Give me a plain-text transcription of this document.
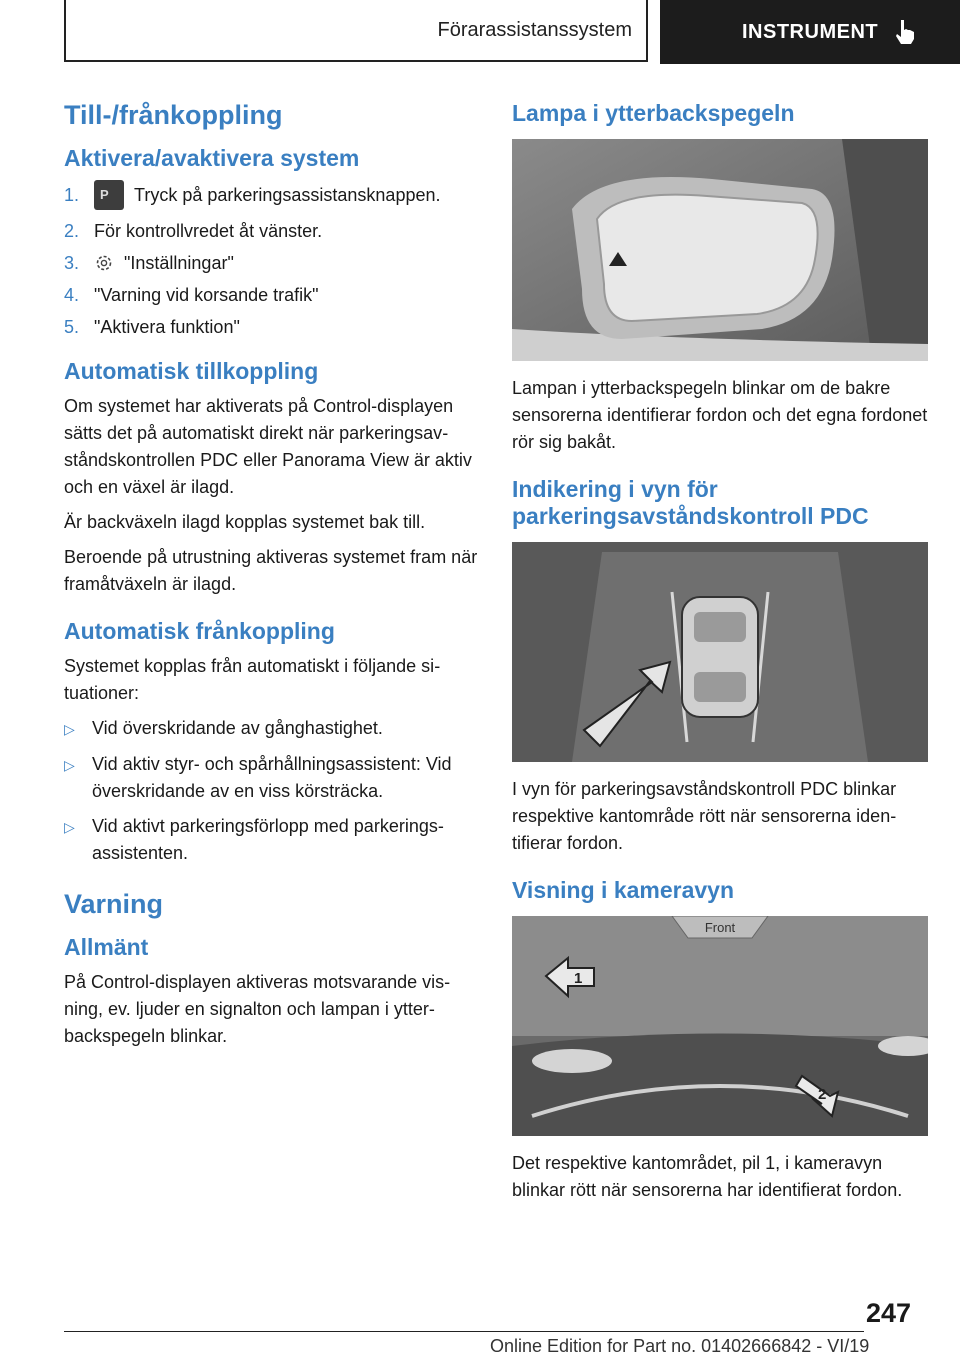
Förarassistanssystem	INSTRUMENT
Till-/frånkoppling
Aktivera/avaktivera system
1.	P Tryck på parkeringsassistansknappen.
2. För kontrollvredet åt vänster.
3.	"Inställningar"
4. "Varning vid korsande trafik"
5. "Aktivera funktion"
Automatisk tillkoppling

Om systemet har aktiverats på Control-displayen sätts det på automatiskt direkt när parkeringsavståndskontrollen PDC eller Panorama View är aktiv och en växel är ilagd.

Är backväxeln ilagd kopplas systemet bak till.

Beroende på utrustning aktiveras systemet fram när framåtväxeln är ilagd.

Automatisk frånkoppling

Systemet kopplas från automatiskt i följande situationer:

▷ Vid överskridande av gånghastighet.
▷ Vid aktiv styr- och spårhållningsassistent: Vid överskridande av en viss körsträcka.
▷ Vid aktivt parkeringsförlopp med parkeringsassistenten.
Varning
Allmänt

På Control-displayen aktiveras motsvarande visning, ev. ljuder en signalton och lampan i ytterbackspegeln blinkar.

Lampa i ytterbackspegeln

Lampan i ytterbackspegeln blinkar om de bakre sensorerna identifierar fordon och det egna fordonet rör sig bakåt.

Indikering i vyn för parkeringsavståndskontroll PDC

I vyn för parkeringsavståndskontroll PDC blinkar respektive kantområde rött när sensorerna identifierar fordon.

Visning i kameravyn
Front
1
2

Det respektive kantområdet, pil 1, i kameravyn blinkar rött när sensorerna har identifierat fordon.

247
Online Edition for Part no. 01402666842 - VI/19
